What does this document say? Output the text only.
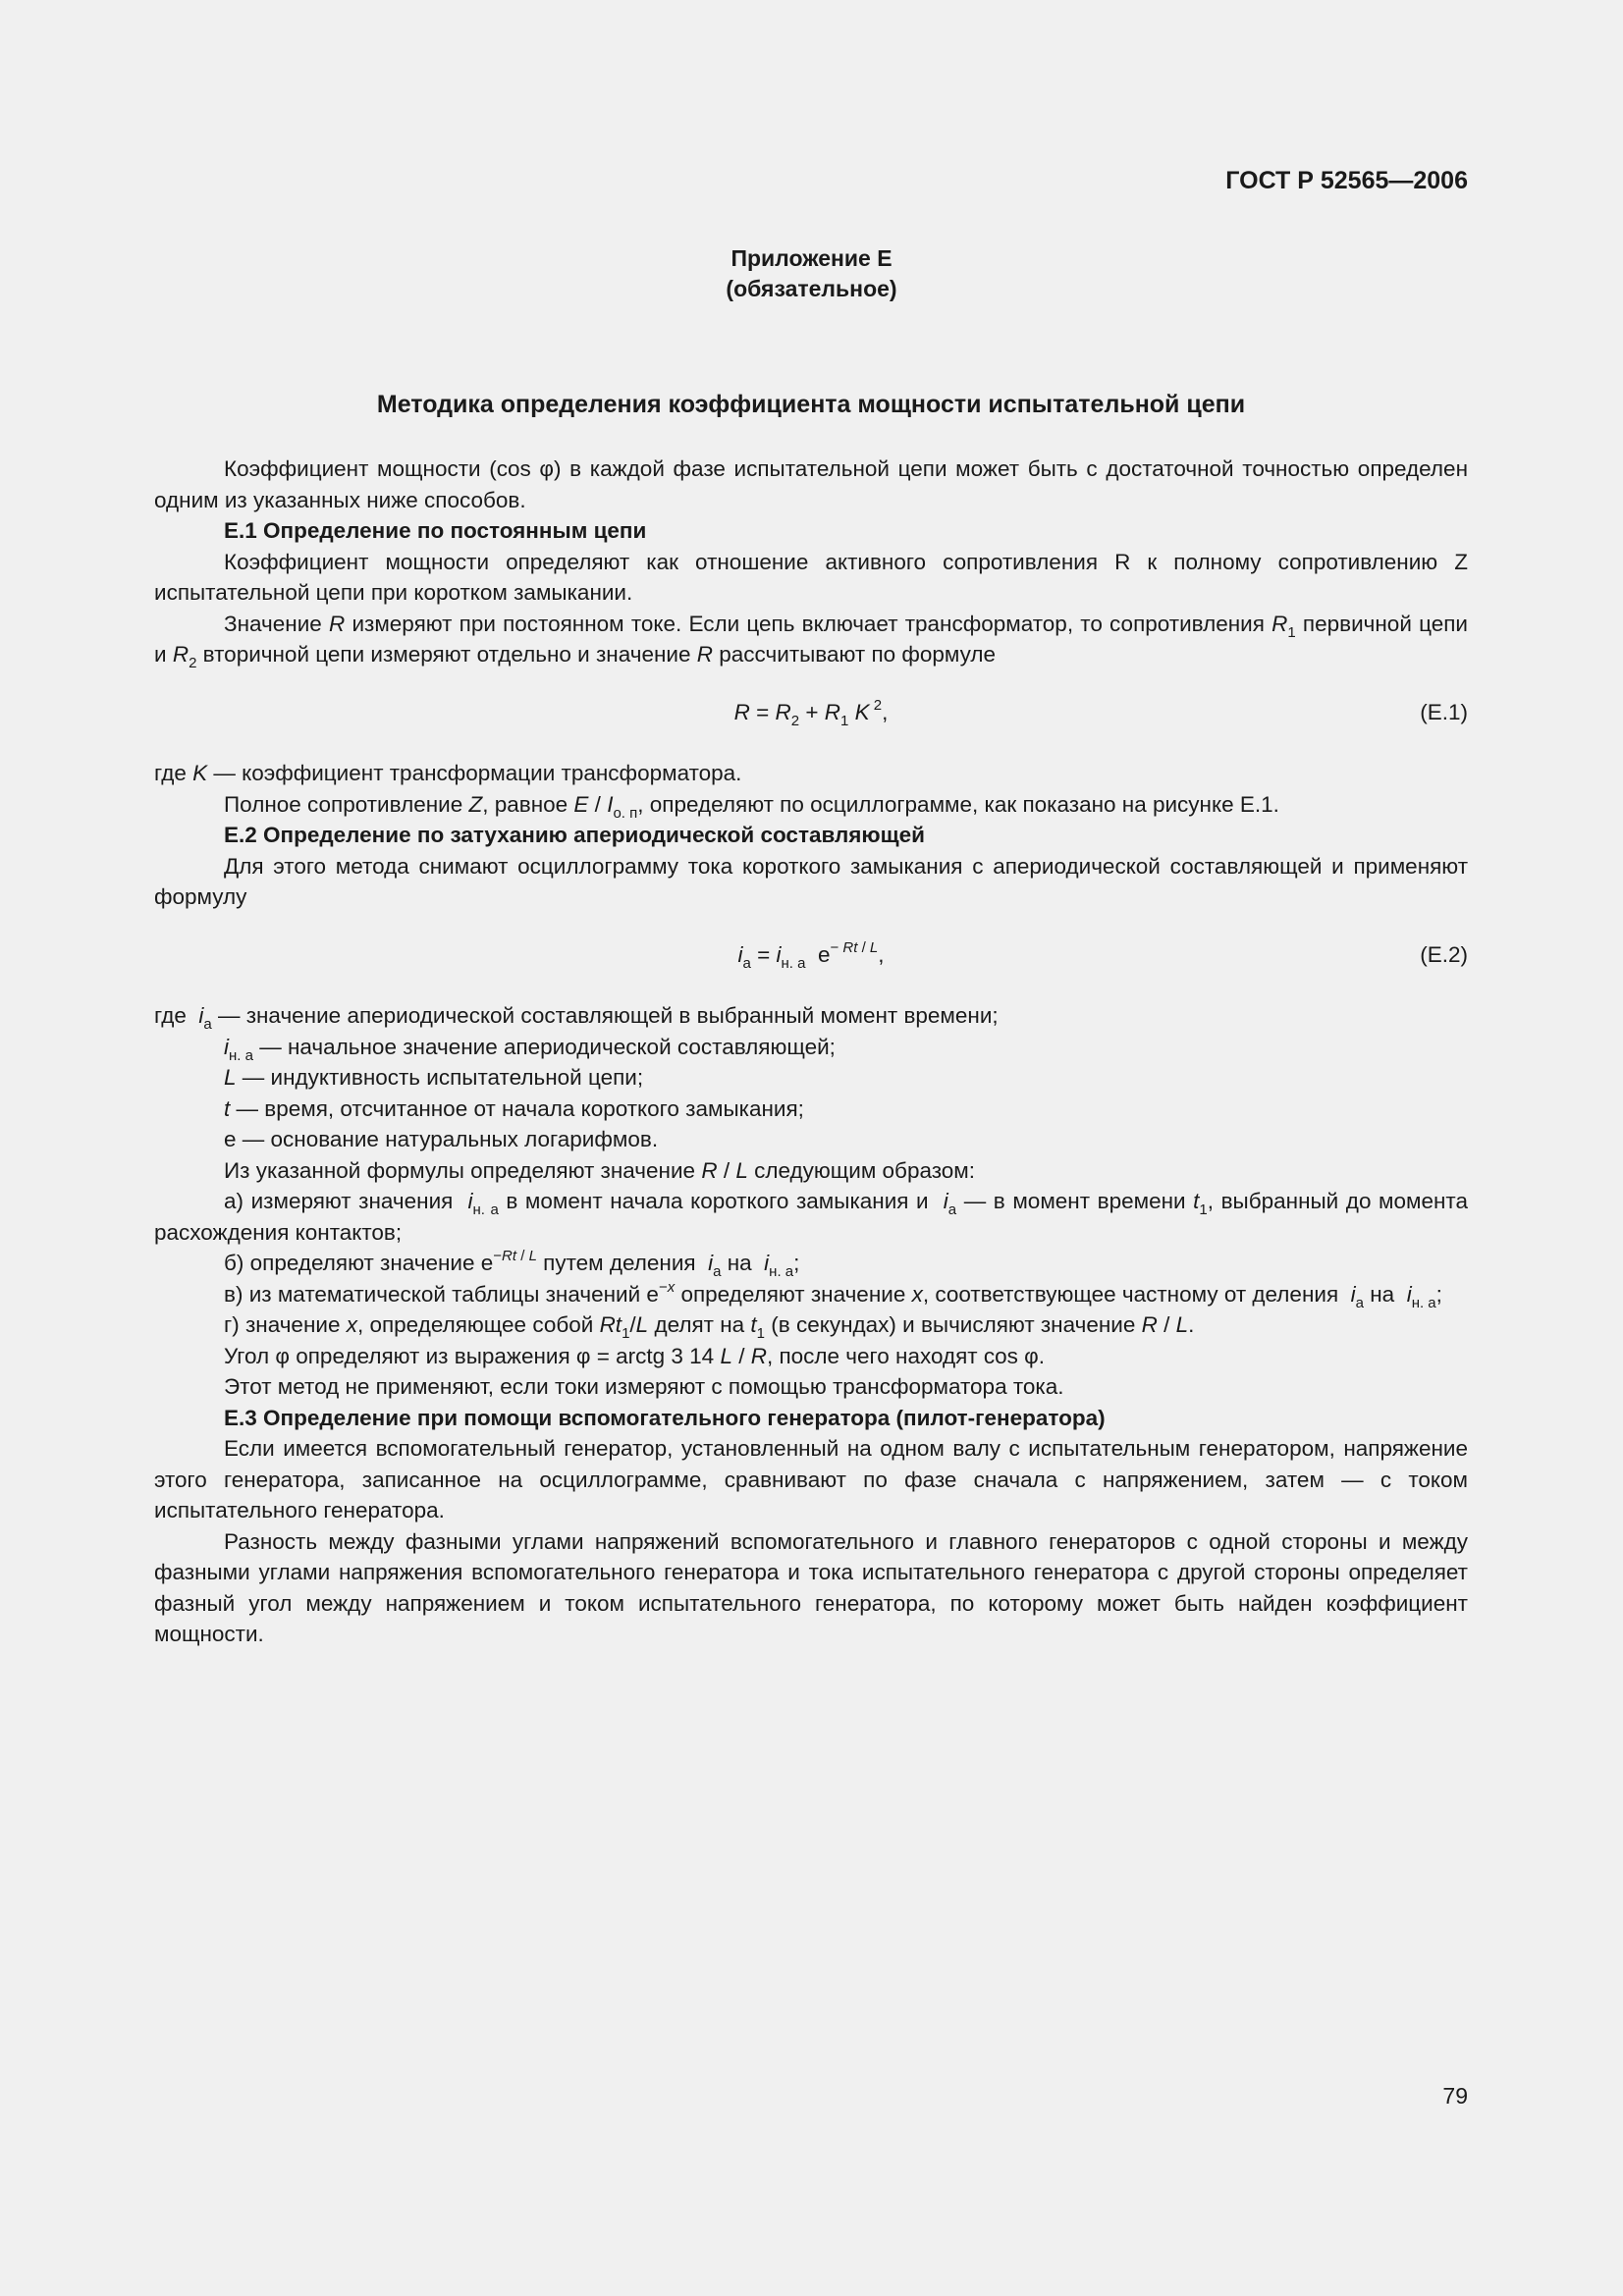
ГОСТ Р 52565—2006
Приложение Е
(обязательное)
Методика определения коэффициента мощности испытательной цепи

Коэффициент мощности (cos φ) в каждой фазе испытательной цепи может быть с достаточной точностью определен одним из указанных ниже способов.

Е.1 Определение по постоянным цепи

Коэффициент мощности определяют как отношение активного сопротивления R к полному сопротивлению Z испытательной цепи при коротком замыкании.

Значение R измеряют при постоянном токе. Если цепь включает трансформатор, то сопротивления $R_1$ первичной цепи и $R_2$ вторичной цепи измеряют отдельно и значение R рассчитывают по формуле

$R = R_2 + R_1$ K $^2$,	(Е.1)

где K — коэффициент трансформации трансформатора.

Полное сопротивление Z, равное E / $I_{о. п}$, определяют по осциллограмме, как показано на рисунке Е.1.

Е.2 Определение по затуханию апериодической составляющей

Для этого метода снимают осциллограмму тока короткого замыкания с апериодической составляющей и применяют формулу

$i_a = i_{н. а}$  $e^{- Rt / L}$,	(Е.2)

где  $i_a$ — значение апериодической составляющей в выбранный момент времени;

$i_{н. а}$ — начальное значение апериодической составляющей;

L — индуктивность испытательной цепи;

t — время, отсчитанное от начала короткого замыкания;

е — основание натуральных логарифмов.

Из указанной формулы определяют значение R / L следующим образом:

а) измеряют значения  $i_{н. а}$ в момент начала короткого замыкания и  $i_a$ — в момент времени $t_1$, выбранный до момента расхождения контактов;

б) определяют значение $e^{-Rt / L}$ путем деления  $i_a$ на  $i_{н. а}$;

в) из математической таблицы значений $e^{-x}$ определяют значение x, соответствующее частному от деления  $i_a$ на  $i_{н. а}$;

г) значение x, определяющее собой $Rt_1/L$ делят на $t_1$ (в секундах) и вычисляют значение R / L.

Угол φ определяют из выражения φ = arctg 3 14 L / R, после чего находят cos φ.

Этот метод не применяют, если токи измеряют с помощью трансформатора тока.

Е.3 Определение при помощи вспомогательного генератора (пилот-генератора)

Если имеется вспомогательный генератор, установленный на одном валу с испытательным генератором, напряжение этого генератора, записанное на осциллограмме, сравнивают по фазе сначала с напряжением, затем — с током испытательного генератора.

Разность между фазными углами напряжений вспомогательного и главного генераторов с одной стороны и между фазными углами напряжения вспомогательного генератора и тока испытательного генератора с другой стороны определяет фазный угол между напряжением и током испытательного генератора, по которому может быть найден коэффициент мощности.

79
